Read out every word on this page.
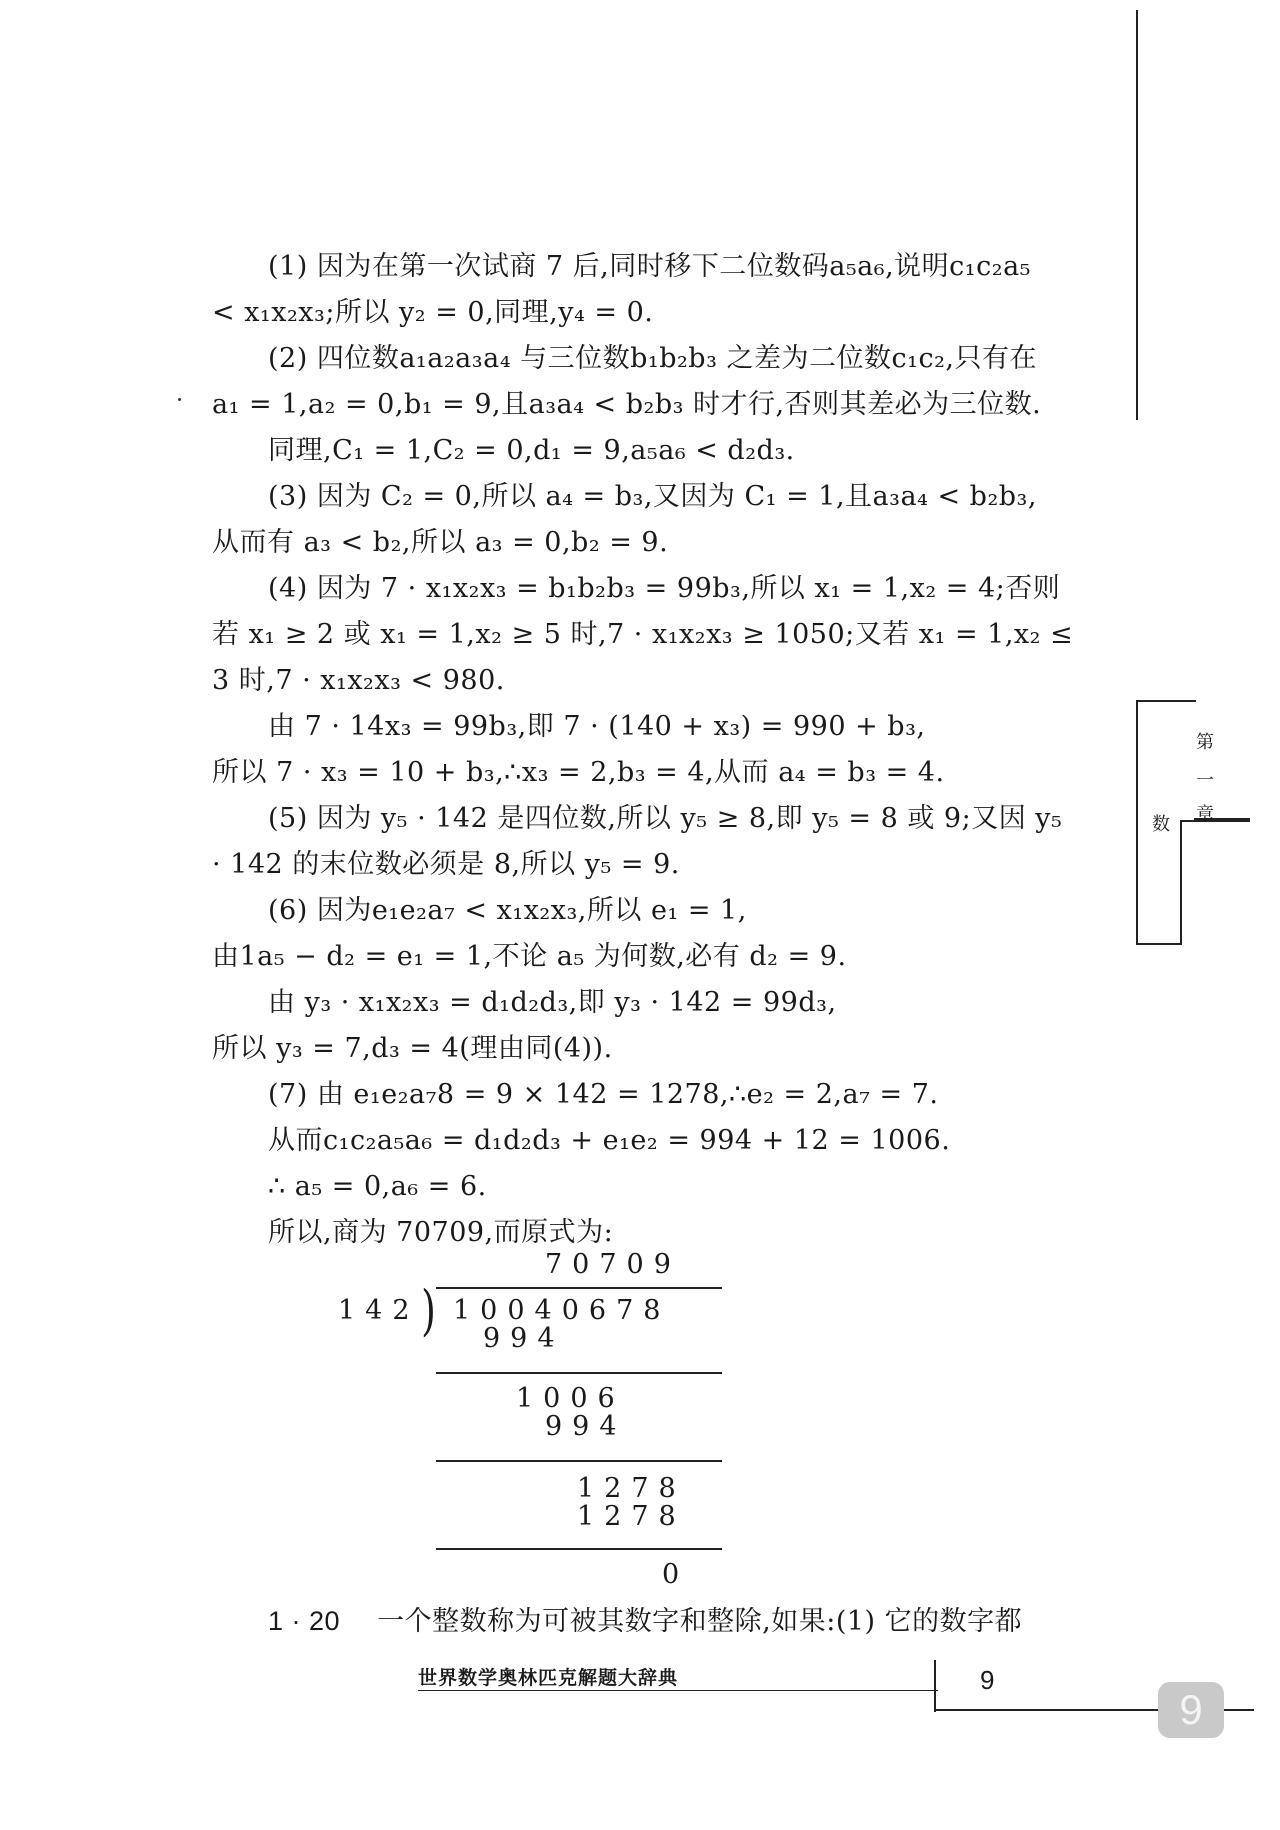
(1) 因为在第一次试商 7 后,同时移下二位数码a₅a₆,说明c₁c₂a₅
< x₁x₂x₃;所以 y₂ = 0,同理,y₄ = 0.
(2) 四位数a₁a₂a₃a₄ 与三位数b₁b₂b₃ 之差为二位数c₁c₂,只有在
a₁ = 1,a₂ = 0,b₁ = 9,且a₃a₄ < b₂b₃ 时才行,否则其差必为三位数.
同理,C₁ = 1,C₂ = 0,d₁ = 9,a₅a₆ < d₂d₃.
(3) 因为 C₂ = 0,所以 a₄ = b₃,又因为 C₁ = 1,且a₃a₄ < b₂b₃,
从而有 a₃ < b₂,所以 a₃ = 0,b₂ = 9.
(4) 因为 7 · x₁x₂x₃ = b₁b₂b₃ = 99b₃,所以 x₁ = 1,x₂ = 4;否则
若 x₁ ≥ 2 或 x₁ = 1,x₂ ≥ 5 时,7 · x₁x₂x₃ ≥ 1050;又若 x₁ = 1,x₂ ≤
3 时,7 · x₁x₂x₃ < 980.
由 7 · 14x₃ = 99b₃,即 7 · (140 + x₃) = 990 + b₃,
所以 7 · x₃ = 10 + b₃,∴x₃ = 2,b₃ = 4,从而 a₄ = b₃ = 4.
(5) 因为 y₅ · 142 是四位数,所以 y₅ ≥ 8,即 y₅ = 8 或 9;又因 y₅
· 142 的末位数必须是 8,所以 y₅ = 9.
(6) 因为e₁e₂a₇ < x₁x₂x₃,所以 e₁ = 1,
由1a₅ − d₂ = e₁ = 1,不论 a₅ 为何数,必有 d₂ = 9.
由 y₃ · x₁x₂x₃ = d₁d₂d₃,即 y₃ · 142 = 99d₃,
所以 y₃ = 7,d₃ = 4(理由同(4)).
(7) 由 e₁e₂a₇8 = 9 × 142 = 1278,∴e₂ = 2,a₇ = 7.
从而c₁c₂a₅a₆ = d₁d₂d₃ + e₁e₂ = 994 + 12 = 1006.
∴ a₅ = 0,a₆ = 6.
所以,商为 70709,而原式为:
70709
142 ) 10040678
994
1006
994
1278
1278
0
1 · 20 一个整数称为可被其数字和整除,如果:(1) 它的数字都
第
一
章
数
世界数学奥林匹克解题大辞典	9
9
